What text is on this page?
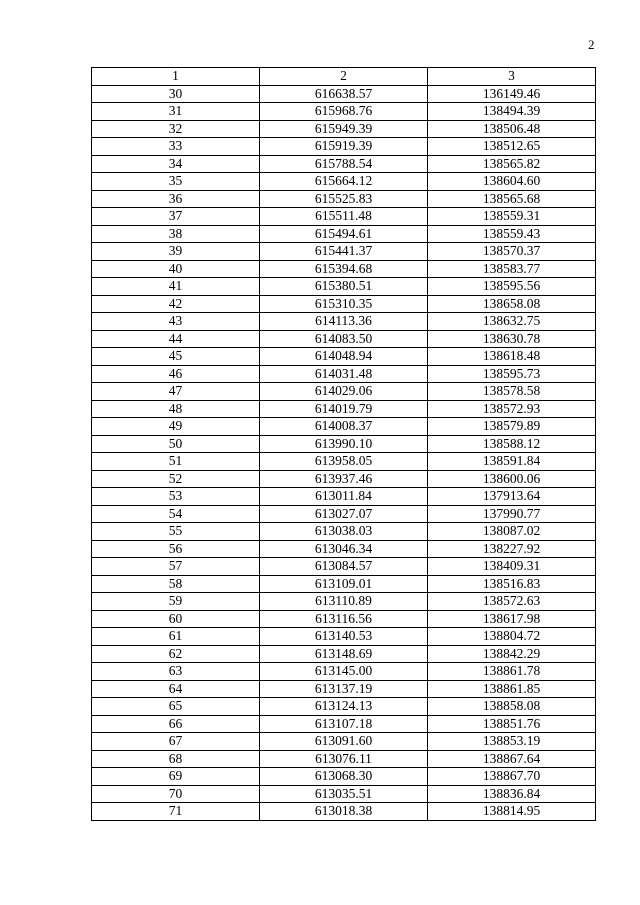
2
1	2	3
30	616638.57	136149.46
31	615968.76	138494.39
32	615949.39	138506.48
33	615919.39	138512.65
34	615788.54	138565.82
35	615664.12	138604.60
36	615525.83	138565.68
37	615511.48	138559.31
38	615494.61	138559.43
39	615441.37	138570.37
40	615394.68	138583.77
41	615380.51	138595.56
42	615310.35	138658.08
43	614113.36	138632.75
44	614083.50	138630.78
45	614048.94	138618.48
46	614031.48	138595.73
47	614029.06	138578.58
48	614019.79	138572.93
49	614008.37	138579.89
50	613990.10	138588.12
51	613958.05	138591.84
52	613937.46	138600.06
53	613011.84	137913.64
54	613027.07	137990.77
55	613038.03	138087.02
56	613046.34	138227.92
57	613084.57	138409.31
58	613109.01	138516.83
59	613110.89	138572.63
60	613116.56	138617.98
61	613140.53	138804.72
62	613148.69	138842.29
63	613145.00	138861.78
64	613137.19	138861.85
65	613124.13	138858.08
66	613107.18	138851.76
67	613091.60	138853.19
68	613076.11	138867.64
69	613068.30	138867.70
70	613035.51	138836.84
71	613018.38	138814.95
